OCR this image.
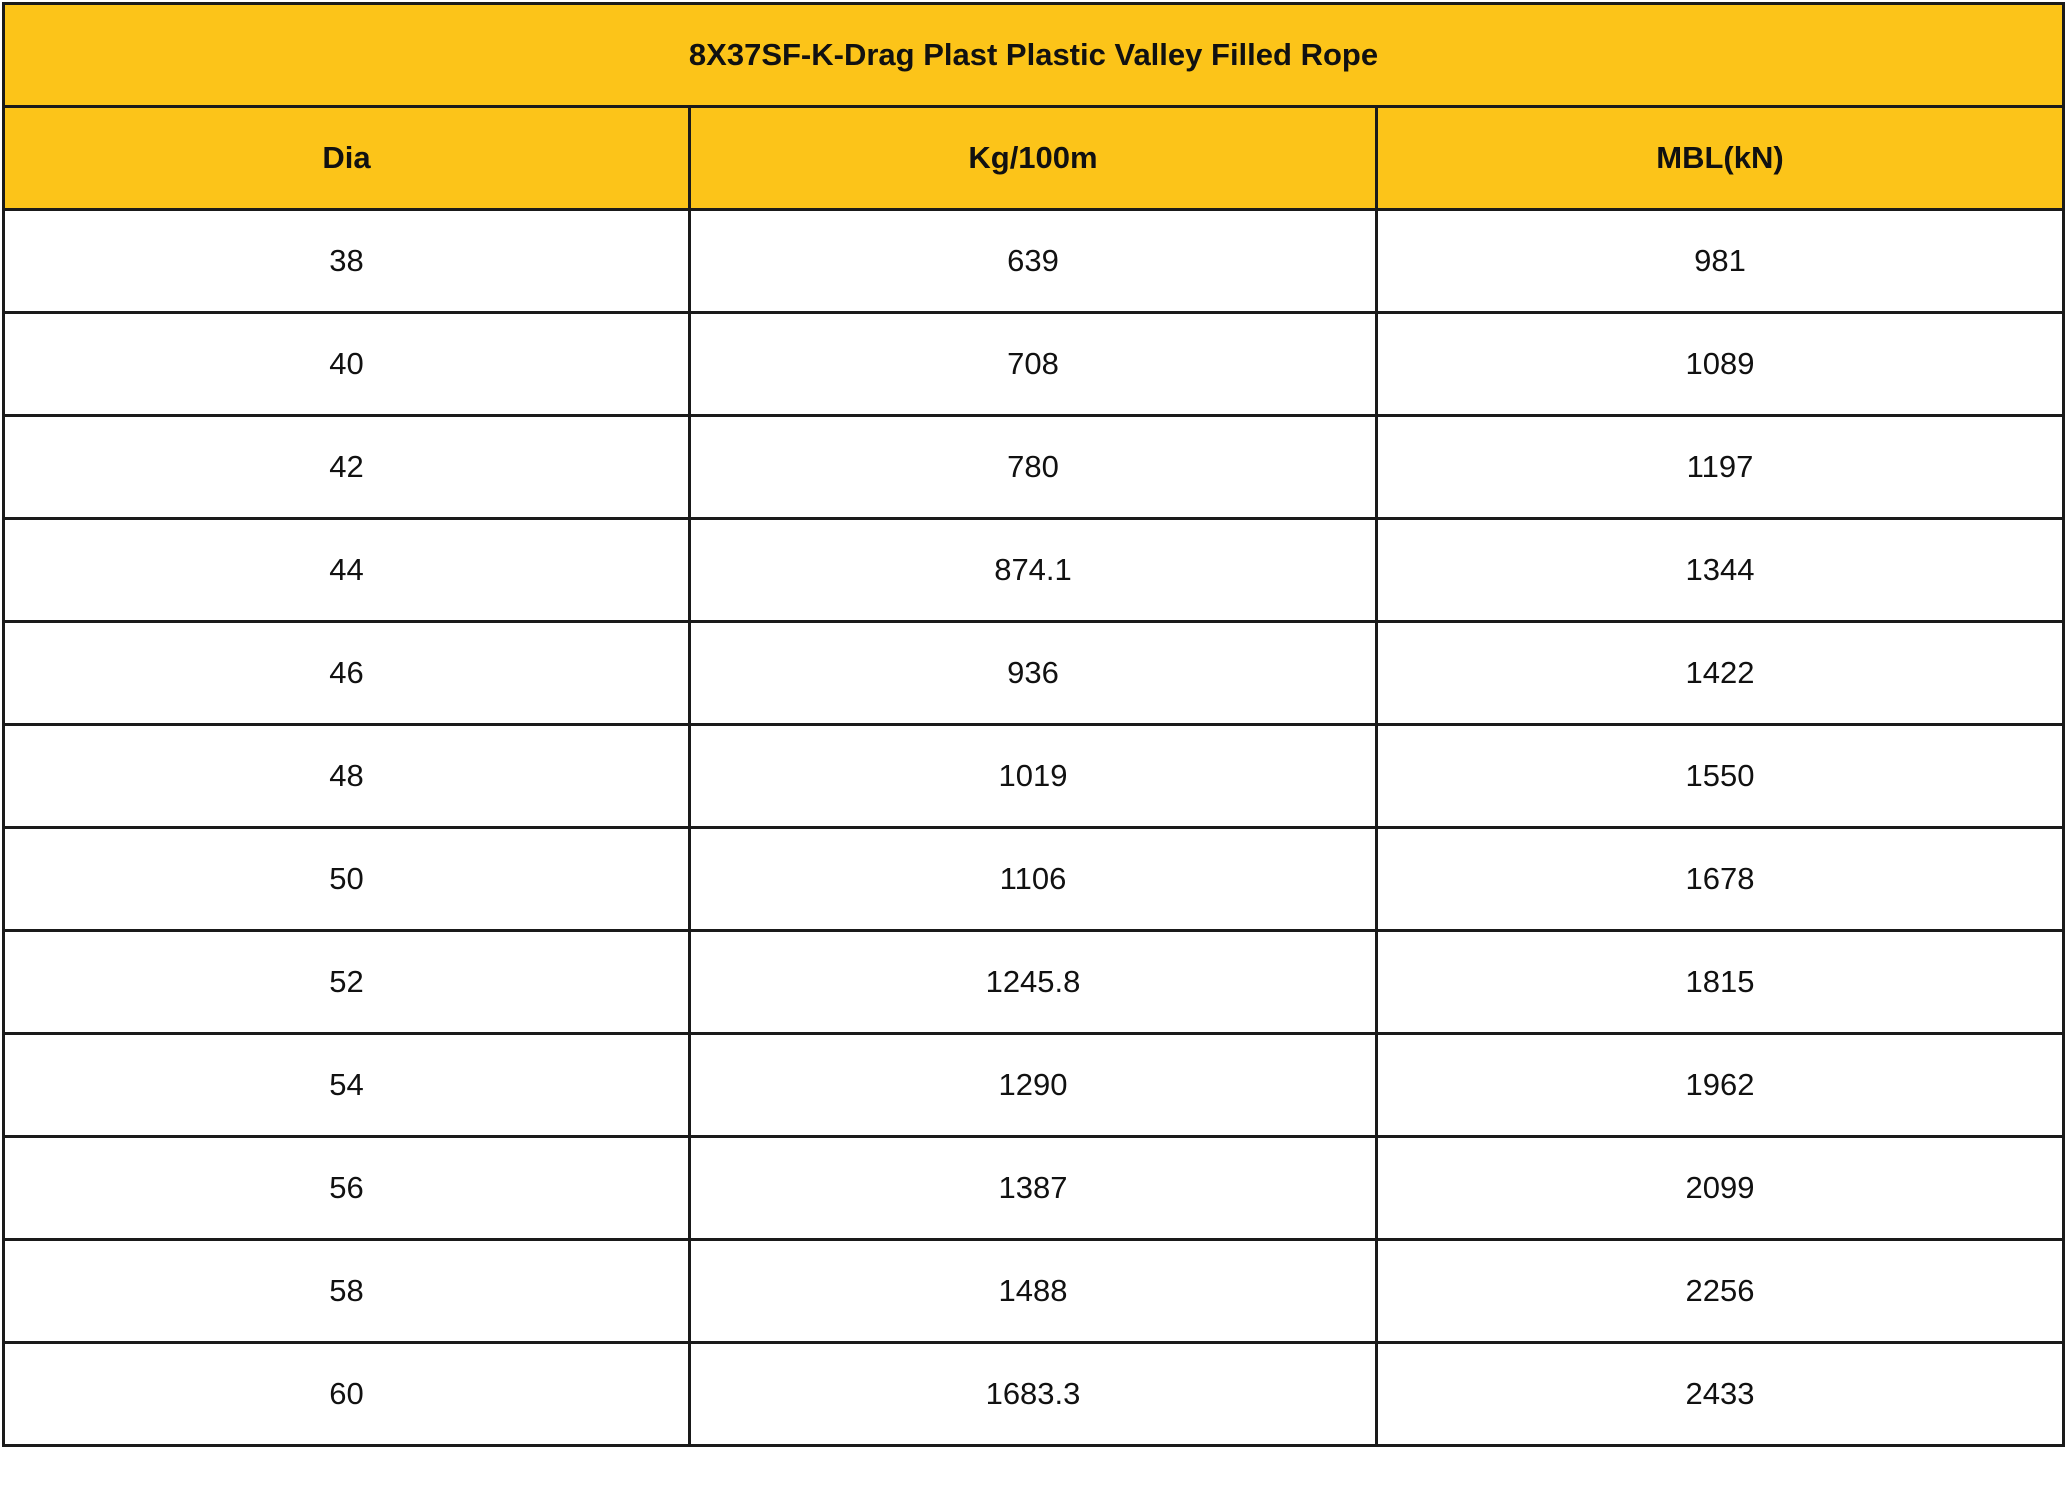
8X37SF-K-Drag Plast Plastic Valley Filled Rope		
Dia	Kg/100m	MBL(kN)
38	639	981
40	708	1089
42	780	1197
44	874.1	1344
46	936	1422
48	1019	1550
50	1106	1678
52	1245.8	1815
54	1290	1962
56	1387	2099
58	1488	2256
60	1683.3	2433
